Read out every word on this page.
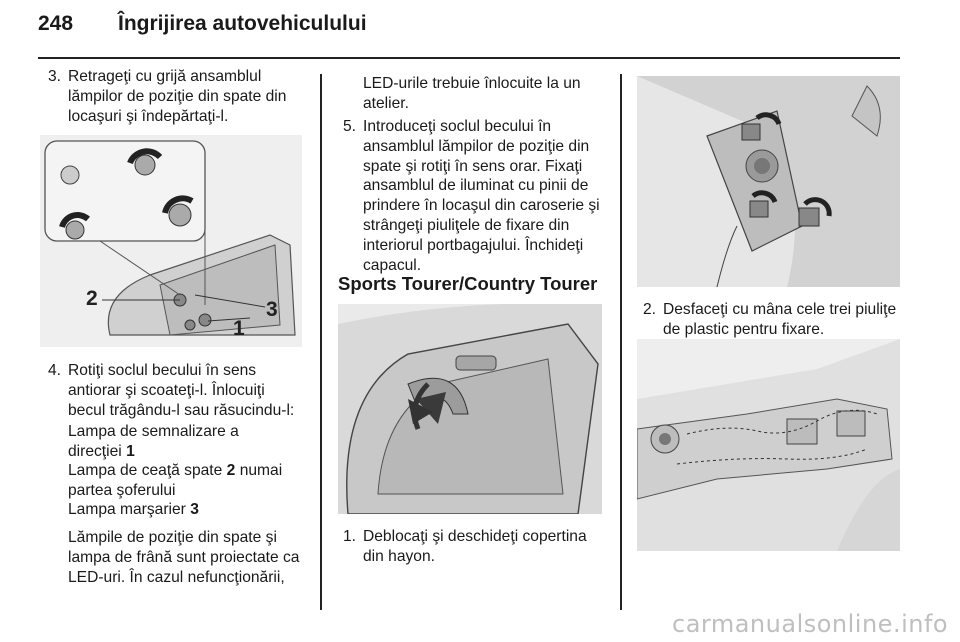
248 Îngrijirea autovehiculului
3. Retrageţi cu grijă ansamblul
lămpilor de poziţie din spate din
locaşuri şi îndepărtaţi-l.
2
1
3
4. Rotiţi soclul becului în sens
antiorar şi scoateţi-l. Înlocuiţi
becul trăgându-l sau răsucindu-l:
Lampa de semnalizare a
direcţiei 1
Lampa de ceaţă spate 2 numai
partea şoferului
Lampa marşarier 3
Lămpile de poziţie din spate şi
lampa de frână sunt proiectate ca
LED-uri. În cazul nefuncţionării,
LED-urile trebuie înlocuite la un
atelier.
5. Introduceţi soclul becului în
ansamblul lămpilor de poziţie din
spate şi rotiţi în sens orar. Fixaţi
ansamblul de iluminat cu pinii de
prindere în locaşul din caroserie şi
strângeţi piuliţele de fixare din
interiorul portbagajului. Închideţi
capacul.
Sports Tourer/Country Tourer
1. Deblocaţi şi deschideţi copertina
din hayon.
2. Desfaceţi cu mâna cele trei piuliţe
de plastic pentru fixare.
carmanualsonline.info
